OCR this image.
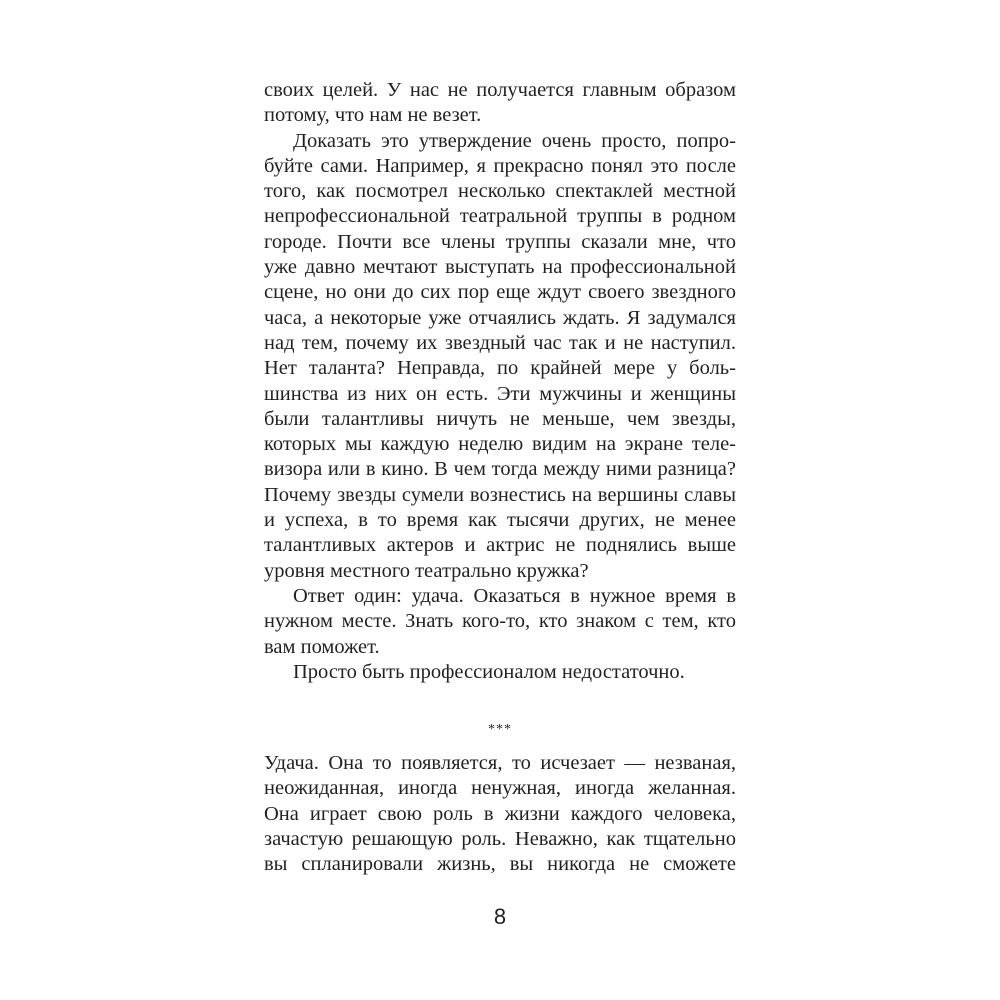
своих целей. У нас не получается главным образом потому, что нам не везет.

Доказать это утверждение очень просто, попробуйте сами. Например, я прекрасно понял это после того, как посмотрел несколько спектаклей местной непрофессиональной театральной труппы в родном городе. Почти все члены труппы сказали мне, что уже давно мечтают выступать на профессиональной сцене, но они до сих пор еще ждут своего звездного часа, а некоторые уже отчаялись ждать. Я задумался над тем, почему их звездный час так и не наступил. Нет таланта? Неправда, по крайней мере у большинства из них он есть. Эти мужчины и женщины были талантливы ничуть не меньше, чем звезды, которых мы каждую неделю видим на экране телевизора или в кино. В чем тогда между ними разница? Почему звезды сумели вознестись на вершины славы и успеха, в то время как тысячи других, не менее талантливых актеров и актрис не поднялись выше уровня местного театрально кружка?

Ответ один: удача. Оказаться в нужное время в нужном месте. Знать кого-то, кто знаком с тем, кто вам поможет.

Просто быть профессионалом недостаточно.

***

Удача. Она то появляется, то исчезает — незваная, неожиданная, иногда ненужная, иногда желанная. Она играет свою роль в жизни каждого человека, зачастую решающую роль. Неважно, как тщательно вы спланировали жизнь, вы никогда не сможете

8
